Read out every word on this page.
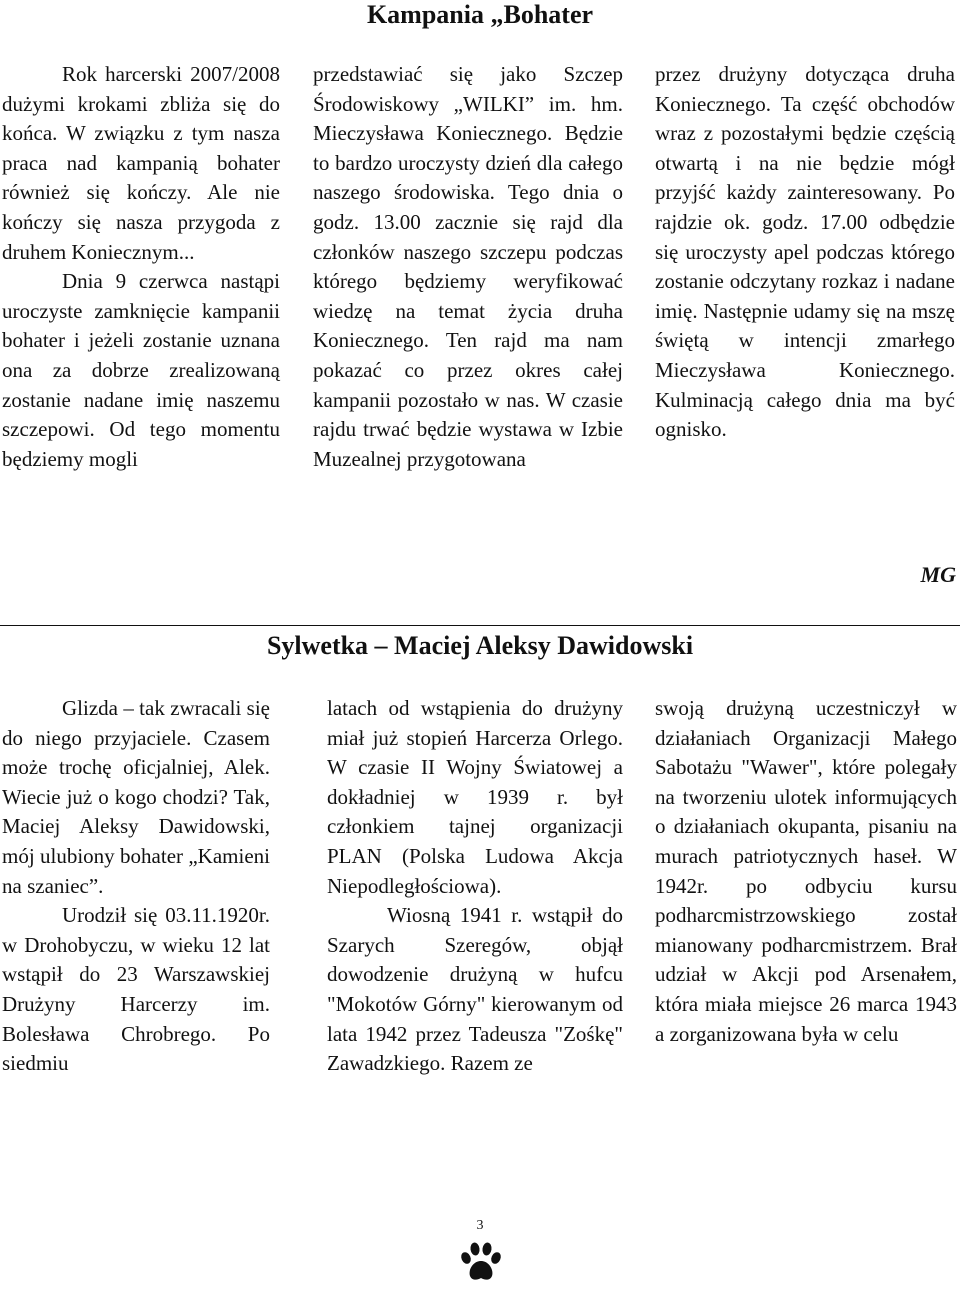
Kampania „Bohater

Rok harcerski 2007/2008 dużymi krokami zbliża się do końca. W związku z tym nasza praca nad kampanią bohater również się kończy. Ale nie kończy się nasza przygoda z druhem Koniecznym...

Dnia 9 czerwca nastąpi uroczyste zamknięcie kampanii bohater i jeżeli zostanie uznana ona za dobrze zrealizowaną zostanie nadane imię naszemu szczepowi. Od tego momentu będziemy mogli

przedstawiać się jako Szczep Środowiskowy „WILKI” im. hm. Mieczysława Koniecznego. Będzie to bardzo uroczysty dzień dla całego naszego środowiska. Tego dnia o godz. 13.00 zacznie się rajd dla członków naszego szczepu podczas którego będziemy weryfikować wiedzę na temat życia druha Koniecznego. Ten rajd ma nam pokazać co przez okres całej kampanii pozostało w nas. W czasie rajdu trwać będzie wystawa w Izbie Muzealnej przygotowana

przez drużyny dotycząca druha Koniecznego. Ta część obchodów wraz z pozostałymi będzie częścią otwartą i na nie będzie mógł przyjść każdy zainteresowany. Po rajdzie ok. godz. 17.00 odbędzie się uroczysty apel podczas którego zostanie odczytany rozkaz i nadane imię. Następnie udamy się na mszę świętą w intencji zmarłego Mieczysława Koniecznego. Kulminacją całego dnia ma być ognisko.

MG
Sylwetka – Maciej Aleksy Dawidowski

Glizda – tak zwracali się do niego przyjaciele. Czasem może trochę oficjalniej, Alek. Wiecie już o kogo chodzi? Tak, Maciej Aleksy Dawidowski, mój ulubiony bohater „Kamieni na szaniec”.

Urodził się 03.11.1920r. w Drohobyczu, w wieku 12 lat wstąpił do 23 Warszawskiej Drużyny Harcerzy im. Bolesława Chrobrego. Po siedmiu

latach od wstąpienia do drużyny miał już stopień Harcerza Orlego. W czasie II Wojny Światowej a dokładniej w 1939 r. był członkiem tajnej organizacji PLAN (Polska Ludowa Akcja Niepodległościowa).

Wiosną 1941 r. wstąpił do Szarych Szeregów, objął dowodzenie drużyną w hufcu "Mokotów Górny" kierowanym od lata 1942 przez Tadeusza "Zośkę" Zawadzkiego. Razem ze

swoją drużyną uczestniczył w działaniach Organizacji Małego Sabotażu "Wawer", które polegały na tworzeniu ulotek informujących o działaniach okupanta, pisaniu na murach patriotycznych haseł. W 1942r. po odbyciu kursu podharcmistrzowskiego został mianowany podharcmistrzem. Brał udział w Akcji pod Arsenałem, która miała miejsce 26 marca 1943 a zorganizowana była w celu

3
